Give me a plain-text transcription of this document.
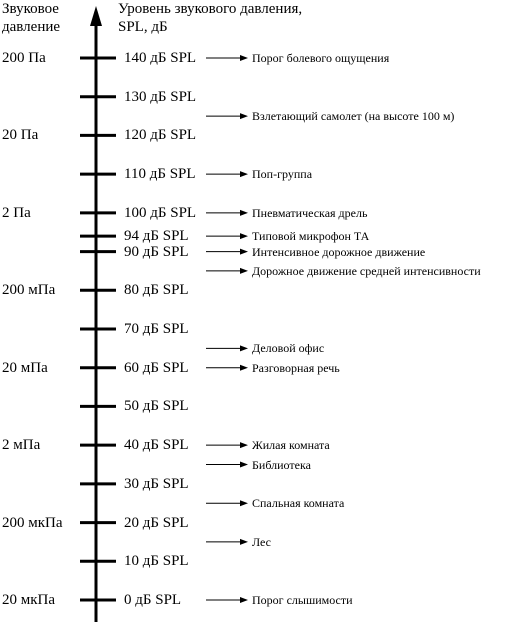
Звуковое
давление
Уровень звукового давления,
SPL, дБ
200 Па
20 Па
2 Па
200 мПа
20 мПа
2 мПа
200 мкПа
20 мкПа
140 дБ SPL
130 дБ SPL
120 дБ SPL
110 дБ SPL
100 дБ SPL
94 дБ SPL
90 дБ SPL
80 дБ SPL
70 дБ SPL
60 дБ SPL
50 дБ SPL
40 дБ SPL
30 дБ SPL
20 дБ SPL
10 дБ SPL
0 дБ SPL
Порог болевого ощущения
Взлетающий самолет (на высоте 100 м)
Поп-группа
Пневматическая дрель
Типовой микрофон ТА
Интенсивное дорожное движение
Дорожное движение средней интенсивности
Деловой офис
Разговорная речь
Жилая комната
Библиотека
Спальная комната
Лес
Порог слышимости
